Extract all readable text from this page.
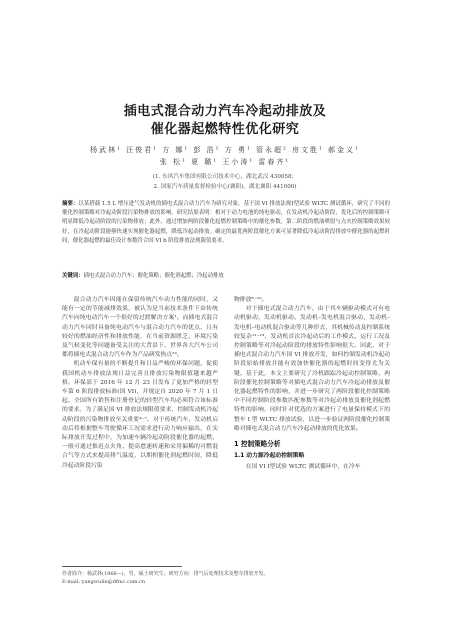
插电式混合动力汽车冷起动排放及
催化器起燃特性优化研究
杨武林¹ 汪俊君¹ 方 娜¹ 彭 浩¹ 方 勇¹ 管永超² 房文胜¹ 郝金义¹
张 松¹ 夏 璐¹ 王小涛¹ 雷春齐¹
(1. 东风汽车集团有限公司技术中心，湖北武汉 430058；
2. 国家汽车质量监督检验中心(襄阳)，湖北襄阳 441000)
摘要：以某搭载 1.5 L 增压进气发动机的插电式混合动力汽车为研究对象，基于国 VI 排放法规Ⅰ型试验 WLTC 测试循环，研究了不同的催化控制策略对冷起动阶段污染物排放的影响。研究结果表明：相对于动力电池的纯电驱动，在发动机冷起动阶段，优化后的控制策略可明显降低冷起动阶段的污染物排放；此外，通过增加两阶段催化起燃控制策略中的催化参数，第二阶段的燃油喷射与点火控制策略效果较好，在冷起动阶段能够快速实现催化器起燃，降低冷起动排放。确定的最优两阶段催化方案可显著降低冷起动阶段排放中催化器的起燃时间，催化器起燃的最佳设计参数符合国 VI b 阶段排放法规限值要求。
关键词：插电式混合动力汽车；催化策略；催化剂起燃；冷起动排放

混合动力汽车因能在保留传统汽车动力性能的同时，又能有一定的节能减排效果，被认为是当前技术条件下由传统汽车向纯电动汽车一个很好的过渡解决方案¹。而插电式混合动力汽车同时具备纯电动汽车与混合动力汽车的优点，且有较好的燃油经济性和排放性能，在当前资源匮乏、环境污染及气候变化等问题备受关注的大背景下，世界各大汽车公司都将插电式混合动力汽车作为产品研发热点²³。

机动车保有量的不断提升和日益严峻的环保问题，促使我国机动车排放法规日益完善且排放污染物限值越来越严格。环保部于 2016 年 12 月 23 日发布了更加严格的轻型车第 6 阶段排放标准(国 VI)，并规定自 2020 年 7 月 1 日起，全国所有销售和注册登记的轻型汽车均必须符合该标准的要求。为了满足国 VI 排放法规限值要求，控制发动机冷起动阶段的污染物排放至关重要⁴⁻⁷。对于传统汽车，发动机启动后将根据整车驾驶循环工况需求进行动力响应输出，在实际排放开发过程中，为加速车辆冷起动阶段催化器的起燃，一般可通过推迟点火角、提高怠速转速和采用偏稀的可燃混合气等方式来提高排气温度，以期相催化剂起燃时间，降低冷起动阶段污染

物排放⁸⁻¹⁰。

对于插电式混合动力汽车，由于其车辆驱动模式可有电动机驱动、发动机驱动、发动机–发电机混合驱动、发动机–发电机–电动机混合驱动等几种形式，其机械传动及控制系统较复杂¹¹⁻¹³，发动机首次冷起动后的工作模式、运行工况及控制策略等对冷起动阶段的排放特性影响很大。因此，对于插电式混合动力汽车国 VI 排放开发，如何控制发动机冷起动阶段原始排放并能有效加快催化器的起燃时间变得尤为关键。基于此，本文主要研究了冷机跟踪冷起动控制策略、两阶段催化控制策略等对插电式混合动力汽车冷起动排放及催化器起燃特性的影响，并进一步研究了两阶段催化控制策略中不同控制阶段参数匹配参数等对冷起动排放及催化剂起燃特性的影响，同时针对优选的方案进行了电量保持模式下的整车 I 型 WLTC 排放试验，以进一步验证两阶段催化控制策略对插电式混合动力汽车冷起动排放的优化效果。

1 控制策略分析
1.1 动力源冷起动控制策略

在国 VI Ⅰ型试验 WLTC 测试循环中，在冷车

作者简介：杨武林(1966—)，男，硕士研究生；研究方向：排气后处理技术及整车排放开发。
E-mail: yangwulin@dfmc.com.cn
